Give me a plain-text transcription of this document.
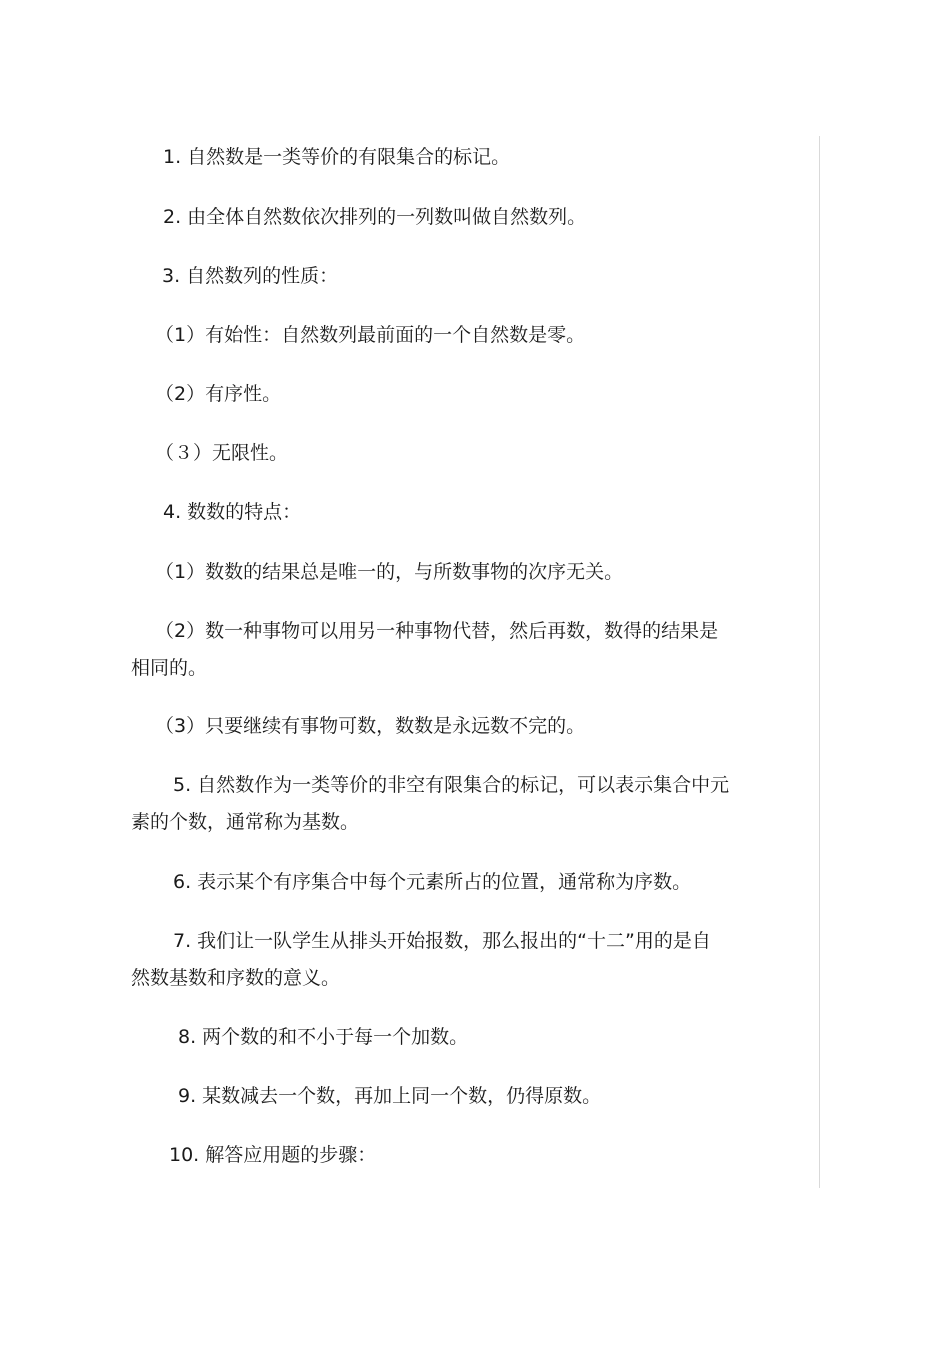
1. 自然数是一类等价的有限集合的标记。
2. 由全体自然数依次排列的一列数叫做自然数列。
3. 自然数列的性质：
（1）有始性：自然数列最前面的一个自然数是零。
（2）有序性。
（３）无限性。
4. 数数的特点：
（1）数数的结果总是唯一的，与所数事物的次序无关。
（2）数一种事物可以用另一种事物代替，然后再数，数得的结果是
相同的。
（3）只要继续有事物可数，数数是永远数不完的。
5. 自然数作为一类等价的非空有限集合的标记，可以表示集合中元
素的个数，通常称为基数。
6. 表示某个有序集合中每个元素所占的位置，通常称为序数。
7. 我们让一队学生从排头开始报数，那么报出的“十二”用的是自
然数基数和序数的意义。
8. 两个数的和不小于每一个加数。
9. 某数减去一个数，再加上同一个数，仍得原数。
10. 解答应用题的步骤：
